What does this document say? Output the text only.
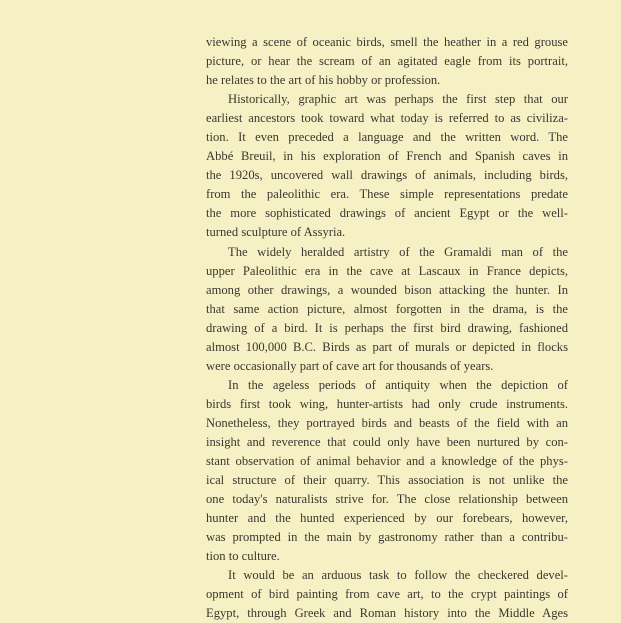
viewing a scene of oceanic birds, smell the heather in a red grouse
picture, or hear the scream of an agitated eagle from its portrait,
he relates to the art of his hobby or profession.

Historically, graphic art was perhaps the first step that our
earliest ancestors took toward what today is referred to as civiliza-
tion. It even preceded a language and the written word. The
Abbé Breuil, in his exploration of French and Spanish caves in
the 1920s, uncovered wall drawings of animals, including birds,
from the paleolithic era. These simple representations predate
the more sophisticated drawings of ancient Egypt or the well-
turned sculpture of Assyria.

The widely heralded artistry of the Gramaldi man of the
upper Paleolithic era in the cave at Lascaux in France depicts,
among other drawings, a wounded bison attacking the hunter. In
that same action picture, almost forgotten in the drama, is the
drawing of a bird. It is perhaps the first bird drawing, fashioned
almost 100,000 B.C. Birds as part of murals or depicted in flocks
were occasionally part of cave art for thousands of years.

In the ageless periods of antiquity when the depiction of
birds first took wing, hunter-artists had only crude instruments.
Nonetheless, they portrayed birds and beasts of the field with an
insight and reverence that could only have been nurtured by con-
stant observation of animal behavior and a knowledge of the phys-
ical structure of their quarry. This association is not unlike the
one today's naturalists strive for. The close relationship between
hunter and the hunted experienced by our forebears, however,
was prompted in the main by gastronomy rather than a contribu-
tion to culture.

It would be an arduous task to follow the checkered devel-
opment of bird painting from cave art, to the crypt paintings of
Egypt, through Greek and Roman history into the Middle Ages
